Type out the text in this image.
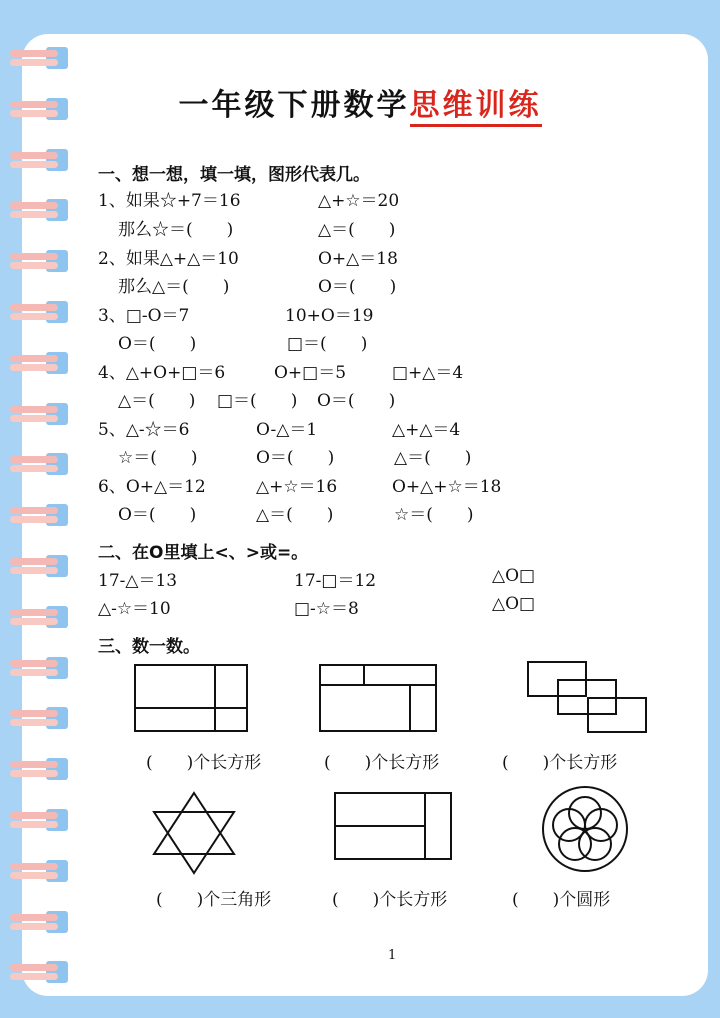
一年级下册数学思维训练
一、想一想，填一填，图形代表几。
1、如果☆+7＝16	△+☆＝20
那么☆＝(　　)	△＝(　　)
2、如果△+△＝10	O+△＝18
那么△＝(　　)	O＝(　　)
3、□-O＝7	10+O＝19
O＝(　　)	□＝(　　)
4、△+O+□＝6	O+□＝5	□+△＝4
△＝(　　) □＝(　　) O＝(　　)
5、△-☆＝6	O-△＝1	△+△＝4
☆＝(　　)	O＝(　　)	△＝(　　)
6、O+△＝12	△+☆＝16	O+△+☆＝18
O＝(　　)	△＝(　　)	☆＝(　　)
二、在O里填上<、>或=。
17-△＝13	17-□＝12	△O□
△-☆＝10	□-☆＝8	△O□
三、数一数。
(　　)个长方形	(　　)个长方形	(　　)个长方形
(　　)个三角形	(　　)个长方形	(　　)个圆形
1
微信号：1802999307
